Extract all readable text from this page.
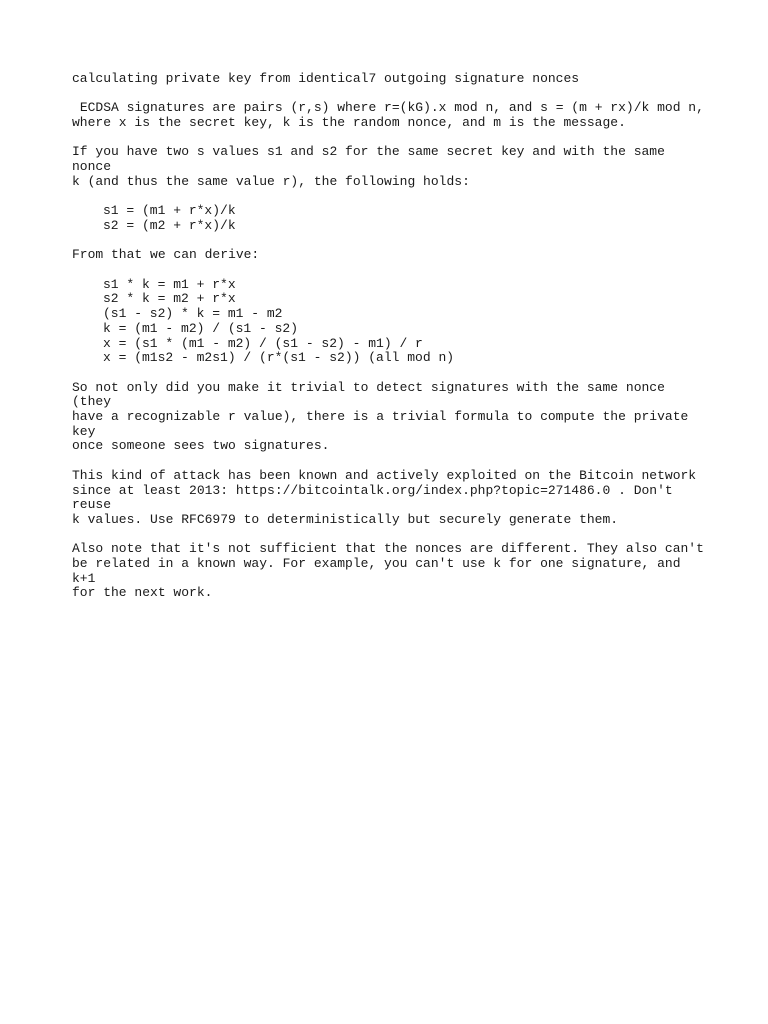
calculating private key from identical7 outgoing signature nonces
ECDSA signatures are pairs (r,s) where r=(kG).x mod n, and s = (m + rx)/k mod n,
where x is the secret key, k is the random nonce, and m is the message.
If you have two s values s1 and s2 for the same secret key and with the same nonce
k (and thus the same value r), the following holds:
s1 = (m1 + r*x)/k
s2 = (m2 + r*x)/k
From that we can derive:
s1 * k = m1 + r*x
s2 * k = m2 + r*x
(s1 - s2) * k = m1 - m2
k = (m1 - m2) / (s1 - s2)
x = (s1 * (m1 - m2) / (s1 - s2) - m1) / r
x = (m1s2 - m2s1) / (r*(s1 - s2)) (all mod n)
So not only did you make it trivial to detect signatures with the same nonce (they
have a recognizable r value), there is a trivial formula to compute the private key
once someone sees two signatures.
This kind of attack has been known and actively exploited on the Bitcoin network
since at least 2013: https://bitcointalk.org/index.php?topic=271486.0 . Don't reuse
k values. Use RFC6979 to deterministically but securely generate them.
Also note that it's not sufficient that the nonces are different. They also can't
be related in a known way. For example, you can't use k for one signature, and k+1
for the next work.
